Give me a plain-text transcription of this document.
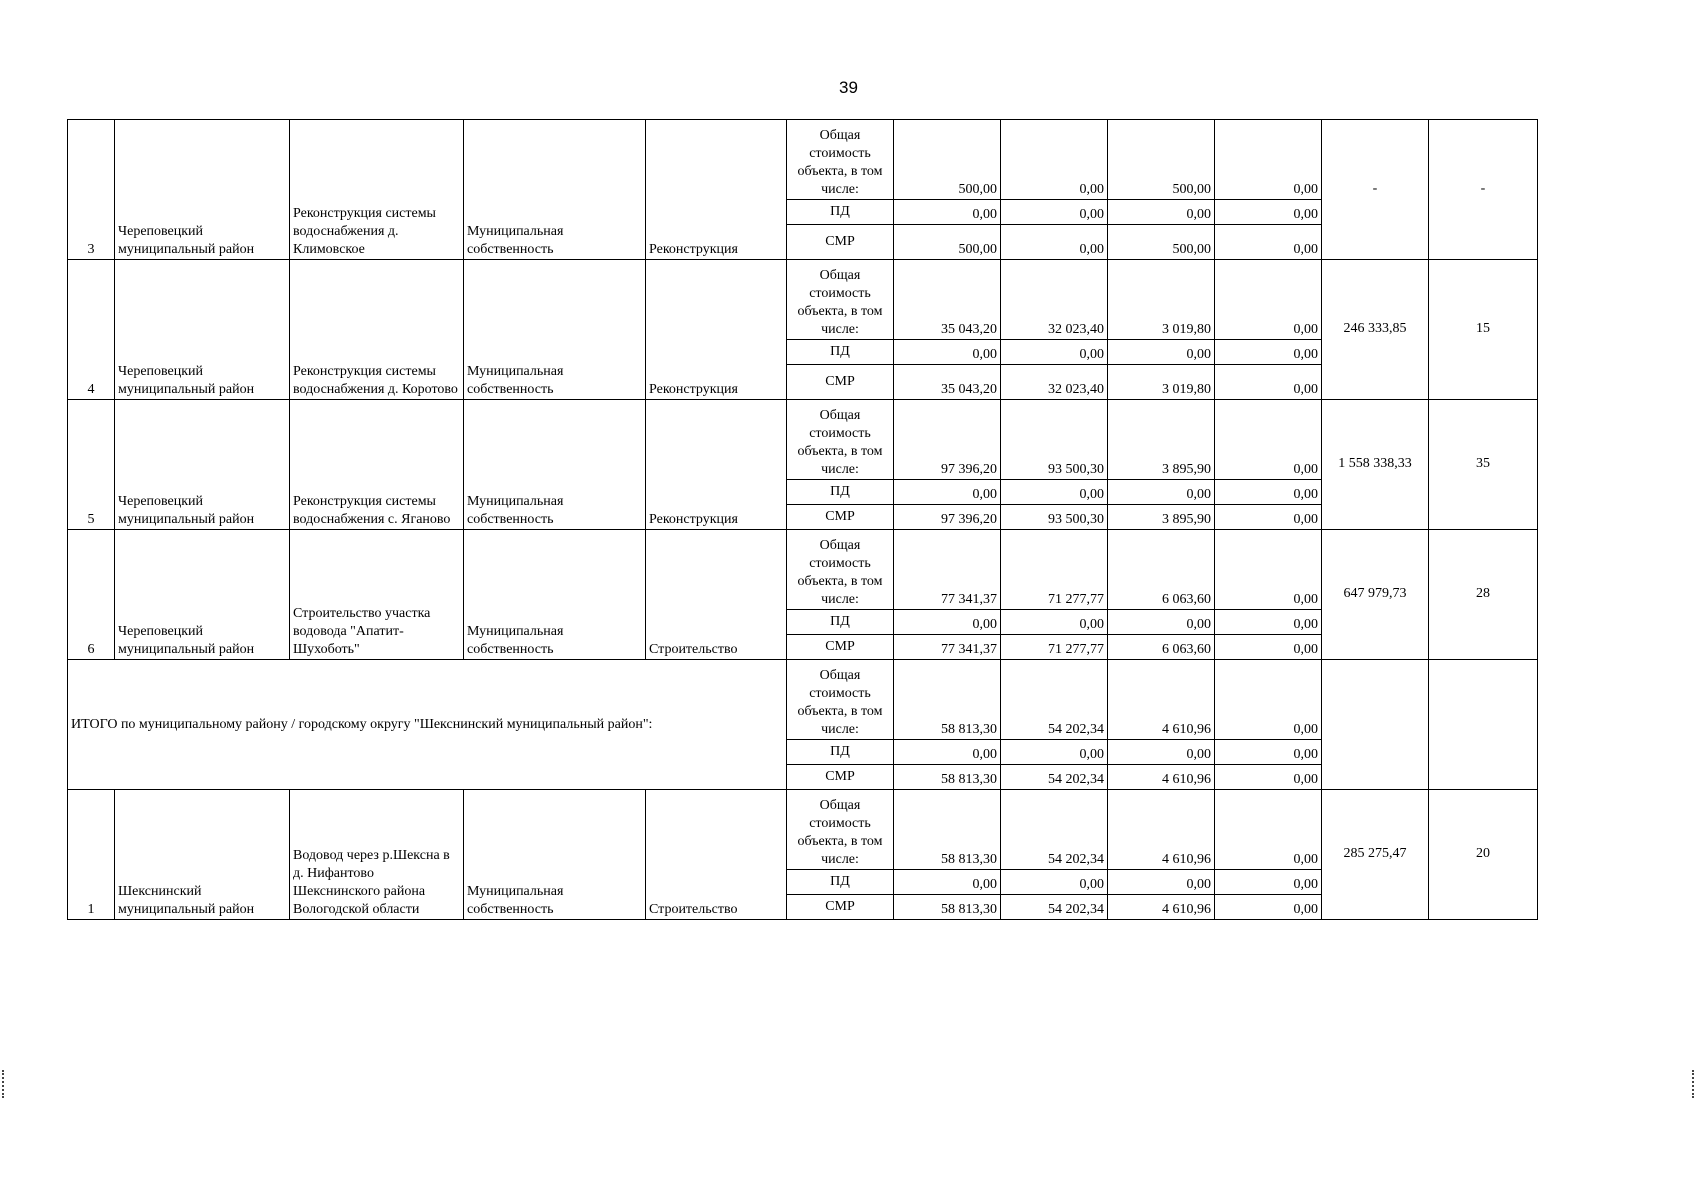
39
3	Череповецкий муниципальный район	Реконструкция системы водоснабжения д. Климовское	Муниципальная собственность	Реконструкция	Общая стоимость объекта, в том числе:	500,00	0,00	500,00	0,00	-	-
					ПД	0,00	0,00	0,00	0,00		
					СМР	500,00	0,00	500,00	0,00		
4	Череповецкий муниципальный район	Реконструкция системы водоснабжения д. Коротово	Муниципальная собственность	Реконструкция	Общая стоимость объекта, в том числе:	35 043,20	32 023,40	3 019,80	0,00	246 333,85	15
					ПД	0,00	0,00	0,00	0,00		
					СМР	35 043,20	32 023,40	3 019,80	0,00		
5	Череповецкий муниципальный район	Реконструкция системы водоснабжения с. Яганово	Муниципальная собственность	Реконструкция	Общая стоимость объекта, в том числе:	97 396,20	93 500,30	3 895,90	0,00	1 558 338,33	35
					ПД	0,00	0,00	0,00	0,00		
					СМР	97 396,20	93 500,30	3 895,90	0,00		
6	Череповецкий муниципальный район	Строительство участка водовода "Апатит-Шухоботь"	Муниципальная собственность	Строительство	Общая стоимость объекта, в том числе:	77 341,37	71 277,77	6 063,60	0,00	647 979,73	28
					ПД	0,00	0,00	0,00	0,00		
					СМР	77 341,37	71 277,77	6 063,60	0,00		
ИТОГО по муниципальному району / городскому округу "Шекснинский муниципальный район":					Общая стоимость объекта, в том числе:	58 813,30	54 202,34	4 610,96	0,00		
					ПД	0,00	0,00	0,00	0,00		
					СМР	58 813,30	54 202,34	4 610,96	0,00		
1	Шекснинский муниципальный район	Водовод через р.Шексна в д. Нифантово Шекснинского района Вологодской области	Муниципальная собственность	Строительство	Общая стоимость объекта, в том числе:	58 813,30	54 202,34	4 610,96	0,00	285 275,47	20
					ПД	0,00	0,00	0,00	0,00		
					СМР	58 813,30	54 202,34	4 610,96	0,00		
